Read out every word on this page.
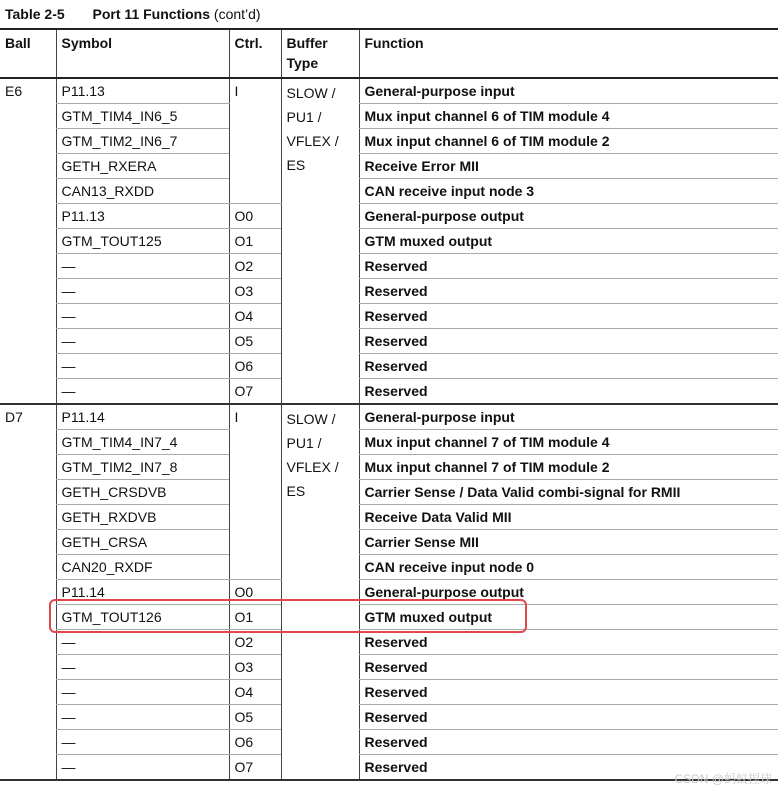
Table 2-5 Port 11 Functions (cont’d)
Ball	Symbol	Ctrl.	Buffer Type	Function
E6	P11.13	I	SLOW / PU1 / VFLEX / ES	General-purpose input
	GTM_TIM4_IN6_5			Mux input channel 6 of TIM module 4
	GTM_TIM2_IN6_7			Mux input channel 6 of TIM module 2
	GETH_RXERA			Receive Error MII
	CAN13_RXDD			CAN receive input node 3
	P11.13	O0		General-purpose output
	GTM_TOUT125	O1		GTM muxed output
	—	O2		Reserved
	—	O3		Reserved
	—	O4		Reserved
	—	O5		Reserved
	—	O6		Reserved
	—	O7		Reserved
D7	P11.14	I	SLOW / PU1 / VFLEX / ES	General-purpose input
	GTM_TIM4_IN7_4			Mux input channel 7 of TIM module 4
	GTM_TIM2_IN7_8			Mux input channel 7 of TIM module 2
	GETH_CRSDVB			Carrier Sense / Data Valid combi-signal for RMII
	GETH_RXDVB			Receive Data Valid MII
	GETH_CRSA			Carrier Sense MII
	CAN20_RXDF			CAN receive input node 0
	P11.14	O0		General-purpose output
	GTM_TOUT126	O1		GTM muxed output
	—	O2		Reserved
	—	O3		Reserved
	—	O4		Reserved
	—	O5		Reserved
	—	O6		Reserved
	—	O7		Reserved
CSDN @蚂蚁捏球
